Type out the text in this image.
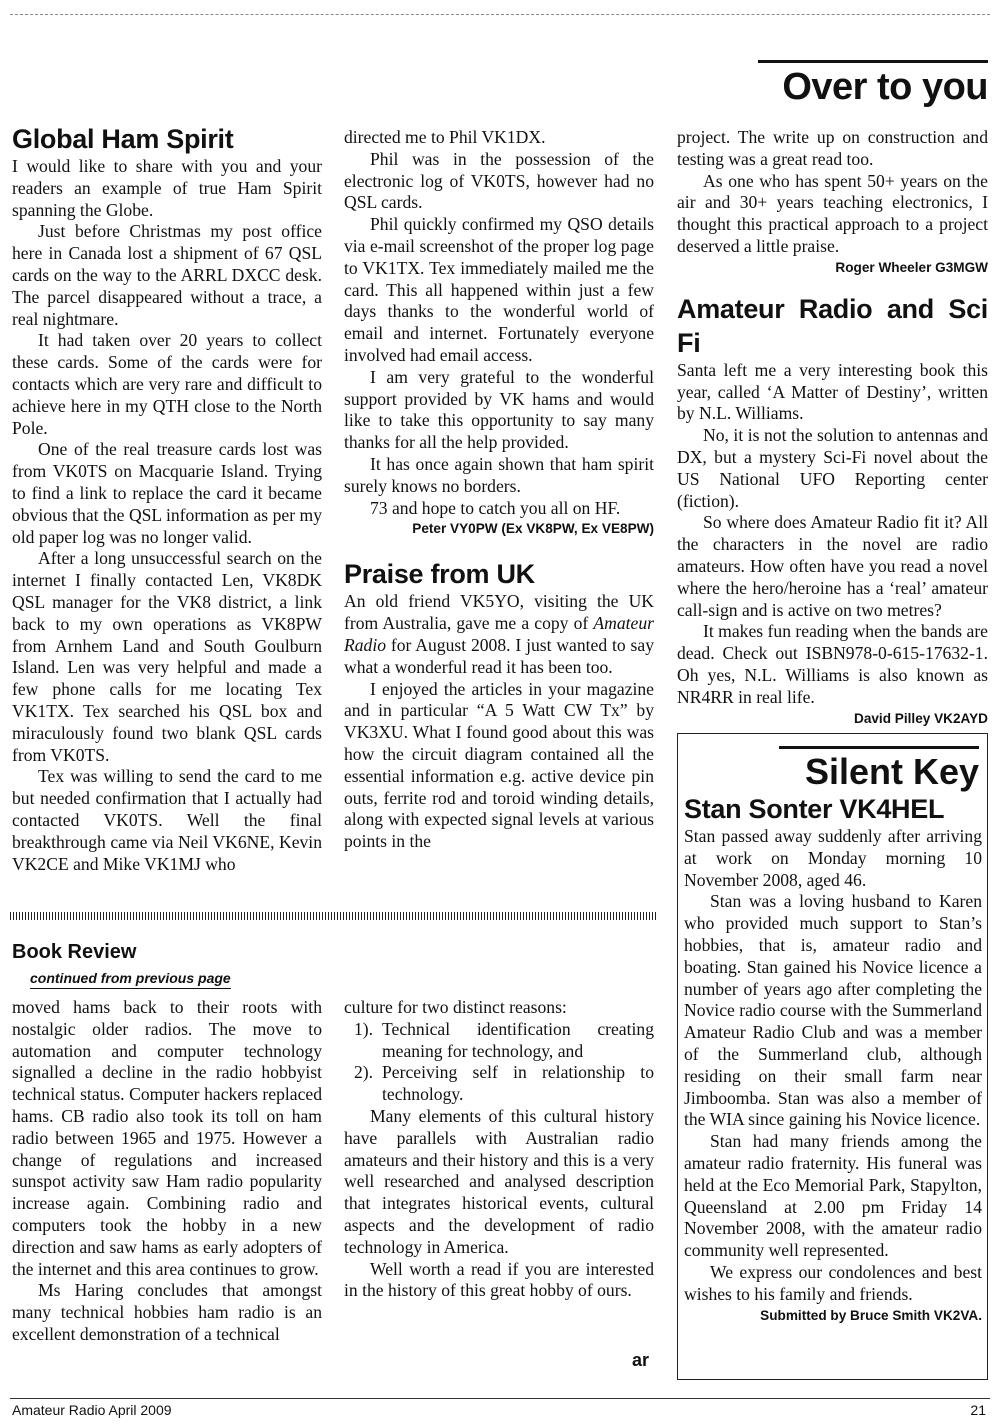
Over to you
Global Ham Spirit

I would like to share with you and your readers an example of true Ham Spirit spanning the Globe.

Just before Christmas my post office here in Canada lost a shipment of 67 QSL cards on the way to the ARRL DXCC desk. The parcel disappeared without a trace, a real nightmare.

It had taken over 20 years to collect these cards. Some of the cards were for contacts which are very rare and difficult to achieve here in my QTH close to the North Pole.

One of the real treasure cards lost was from VK0TS on Macquarie Island. Trying to find a link to replace the card it became obvious that the QSL information as per my old paper log was no longer valid.

After a long unsuccessful search on the internet I finally contacted Len, VK8DK QSL manager for the VK8 district, a link back to my own operations as VK8PW from Arnhem Land and South Goulburn Island. Len was very helpful and made a few phone calls for me locating Tex VK1TX. Tex searched his QSL box and miraculously found two blank QSL cards from VK0TS.

Tex was willing to send the card to me but needed confirmation that I actually had contacted VK0TS. Well the final breakthrough came via Neil VK6NE, Kevin VK2CE and Mike VK1MJ who

directed me to Phil VK1DX.

Phil was in the possession of the electronic log of VK0TS, however had no QSL cards.

Phil quickly confirmed my QSO details via e-mail screenshot of the proper log page to VK1TX. Tex immediately mailed me the card. This all happened within just a few days thanks to the wonderful world of email and internet. Fortunately everyone involved had email access.

I am very grateful to the wonderful support provided by VK hams and would like to take this opportunity to say many thanks for all the help provided.

It has once again shown that ham spirit surely knows no borders.

73 and hope to catch you all on HF.

Peter VY0PW (Ex VK8PW, Ex VE8PW)
Praise from UK

An old friend VK5YO, visiting the UK from Australia, gave me a copy of Amateur Radio for August 2008. I just wanted to say what a wonderful read it has been too.

I enjoyed the articles in your magazine and in particular “A 5 Watt CW Tx” by VK3XU. What I found good about this was how the circuit diagram contained all the essential information e.g. active device pin outs, ferrite rod and toroid winding details, along with expected signal levels at various points in the

project. The write up on construction and testing was a great read too.

As one who has spent 50+ years on the air and 30+ years teaching electronics, I thought this practical approach to a project deserved a little praise.

Roger Wheeler G3MGW
Amateur Radio and Sci Fi

Santa left me a very interesting book this year, called ‘A Matter of Destiny’, written by N.L. Williams.

No, it is not the solution to antennas and DX, but a mystery Sci-Fi novel about the US National UFO Reporting center (fiction).

So where does Amateur Radio fit it? All the characters in the novel are radio amateurs. How often have you read a novel where the hero/heroine has a ‘real’ amateur call-sign and is active on two metres?

It makes fun reading when the bands are dead. Check out ISBN978-0-615-17632-1. Oh yes, N.L. Williams is also known as NR4RR in real life.

David Pilley VK2AYD
Book Review
continued from previous page

moved hams back to their roots with nostalgic older radios. The move to automation and computer technology signalled a decline in the radio hobbyist technical status. Computer hackers replaced hams. CB radio also took its toll on ham radio between 1965 and 1975. However a change of regulations and increased sunspot activity saw Ham radio popularity increase again. Combining radio and computers took the hobby in a new direction and saw hams as early adopters of the internet and this area continues to grow.

Ms Haring concludes that amongst many technical hobbies ham radio is an excellent demonstration of a technical

culture for two distinct reasons:

1). Technical identification creating meaning for technology, and

2). Perceiving self in relationship to technology.

Many elements of this cultural history have parallels with Australian radio amateurs and their history and this is a very well researched and analysed description that integrates historical events, cultural aspects and the development of radio technology in America.

Well worth a read if you are interested in the history of this great hobby of ours.

ar
Silent Key
Stan Sonter VK4HEL

Stan passed away suddenly after arriving at work on Monday morning 10 November 2008, aged 46.

Stan was a loving husband to Karen who provided much support to Stan’s hobbies, that is, amateur radio and boating. Stan gained his Novice licence a number of years ago after completing the Novice radio course with the Summerland Amateur Radio Club and was a member of the Summerland club, although residing on their small farm near Jimboomba. Stan was also a member of the WIA since gaining his Novice licence.

Stan had many friends among the amateur radio fraternity. His funeral was held at the Eco Memorial Park, Stapylton, Queensland at 2.00 pm Friday 14 November 2008, with the amateur radio community well represented.

We express our condolences and best wishes to his family and friends.

Submitted by Bruce Smith VK2VA.
Amateur Radio April 2009	21
